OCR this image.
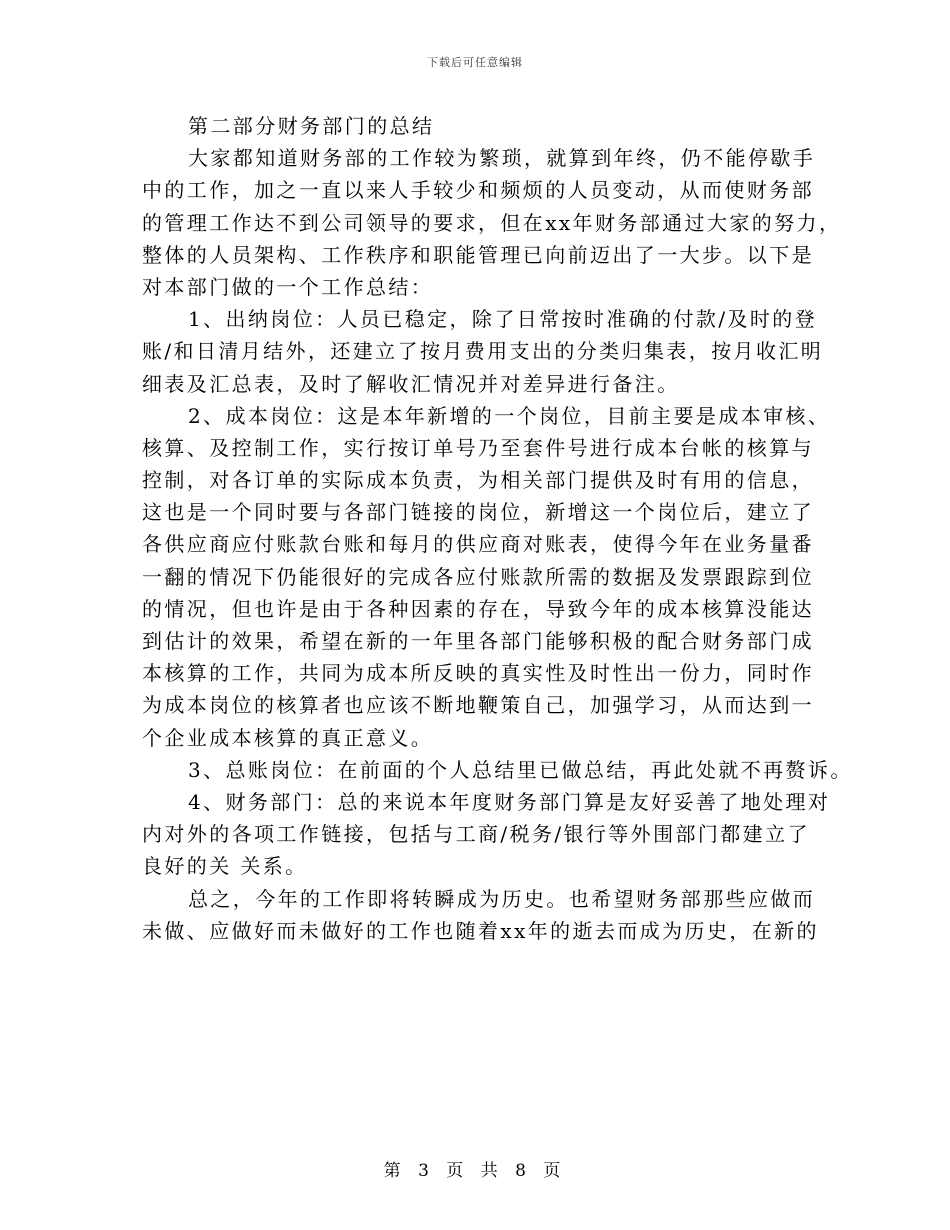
下载后可任意编辑
第二部分财务部门的总结
大家都知道财务部的工作较为繁琐，就算到年终，仍不能停歇手
中的工作，加之一直以来人手较少和频烦的人员变动，从而使财务部
的管理工作达不到公司领导的要求，但在xx年财务部通过大家的努力，
整体的人员架构、工作秩序和职能管理已向前迈出了一大步。以下是
对本部门做的一个工作总结：
1、出纳岗位：人员已稳定，除了日常按时准确的付款/及时的登
账/和日清月结外，还建立了按月费用支出的分类归集表，按月收汇明
细表及汇总表，及时了解收汇情况并对差异进行备注。
2、成本岗位：这是本年新增的一个岗位，目前主要是成本审核、
核算、及控制工作，实行按订单号乃至套件号进行成本台帐的核算与
控制，对各订单的实际成本负责，为相关部门提供及时有用的信息，
这也是一个同时要与各部门链接的岗位，新增这一个岗位后，建立了
各供应商应付账款台账和每月的供应商对账表，使得今年在业务量番
一翻的情况下仍能很好的完成各应付账款所需的数据及发票跟踪到位
的情况，但也许是由于各种因素的存在，导致今年的成本核算没能达
到估计的效果，希望在新的一年里各部门能够积极的配合财务部门成
本核算的工作，共同为成本所反映的真实性及时性出一份力，同时作
为成本岗位的核算者也应该不断地鞭策自己，加强学习，从而达到一
个企业成本核算的真正意义。
3、总账岗位：在前面的个人总结里已做总结，再此处就不再赘诉。
4、财务部门：总的来说本年度财务部门算是友好妥善了地处理对
内对外的各项工作链接，包括与工商/税务/银行等外围部门都建立了
良好的关 关系。
总之，今年的工作即将转瞬成为历史。也希望财务部那些应做而
未做、应做好而未做好的工作也随着xx年的逝去而成为历史，在新的
第 3 页 共 8 页
